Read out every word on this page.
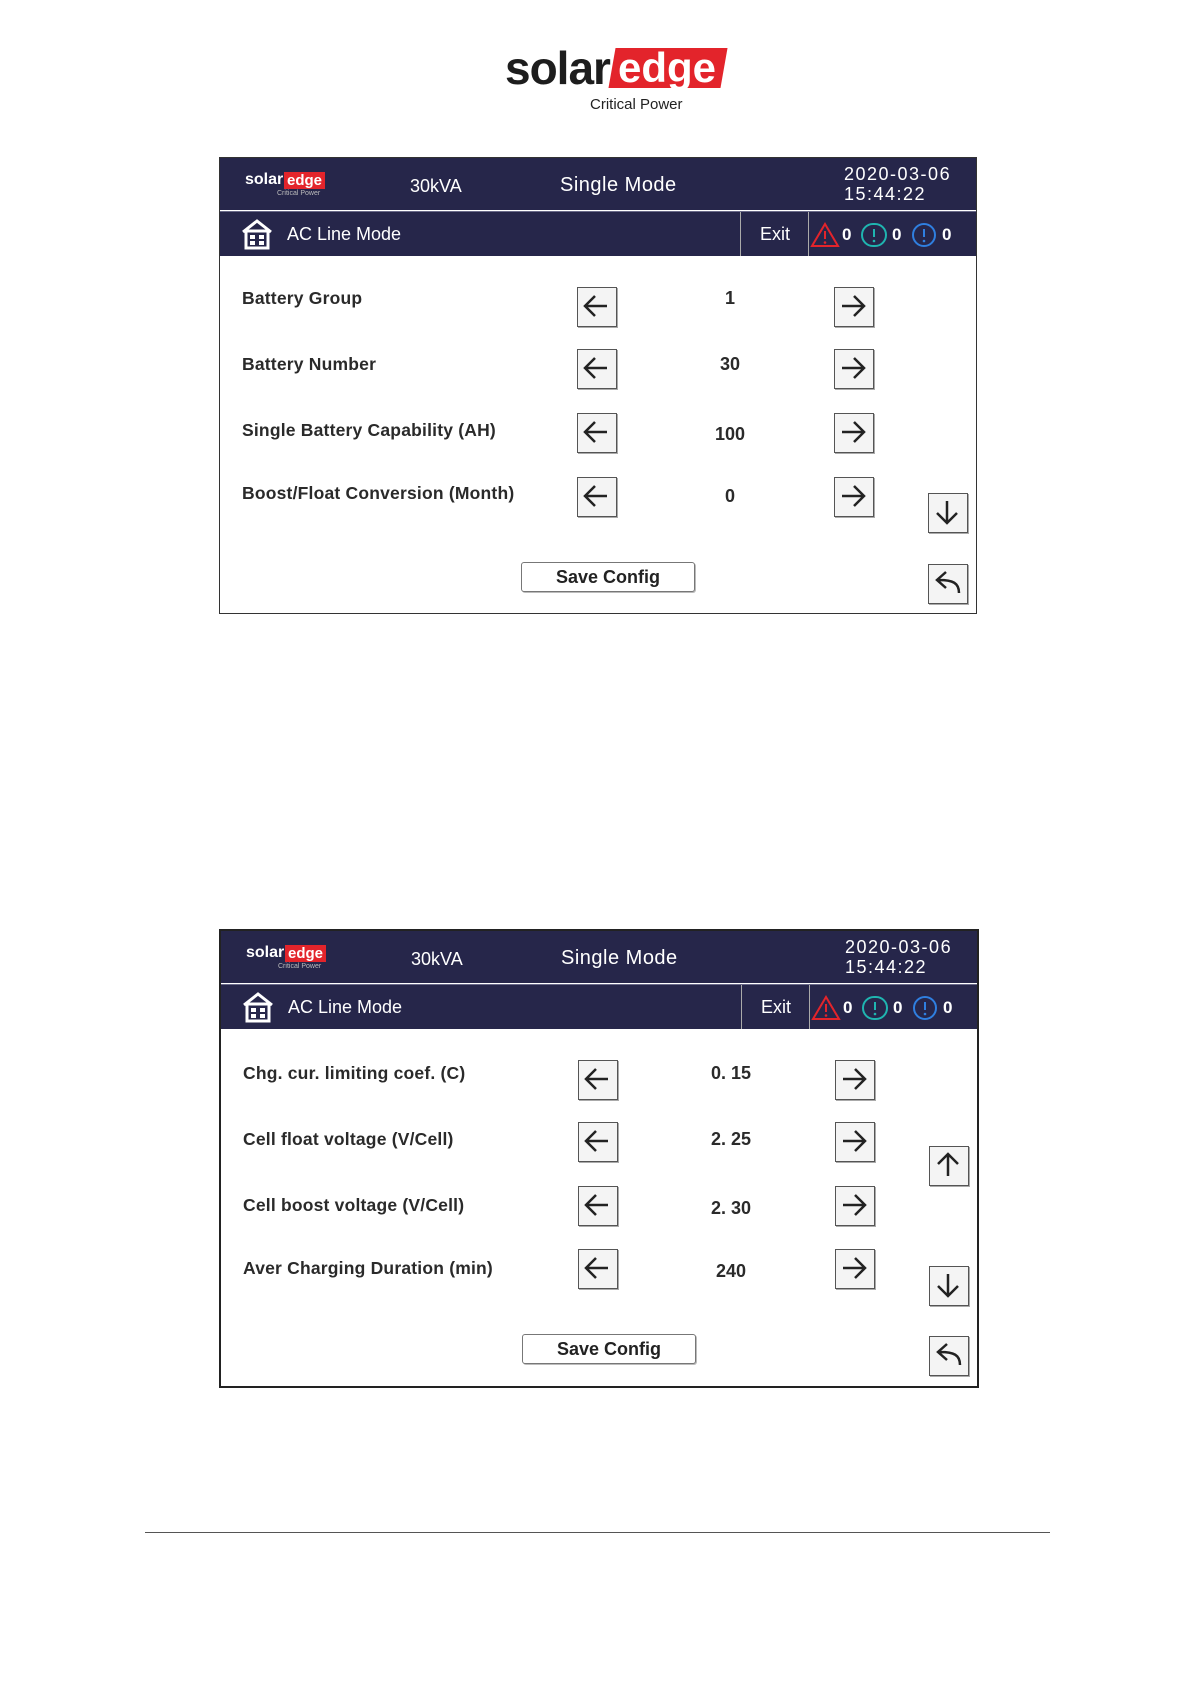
solar edge
Critical Power
solar edge
Critical Power	30kVA	Single Mode	2020-03-06
15:44:22
AC Line Mode	Exit	0 0 0
Battery Group	1
Battery Number	30
Single Battery Capability (AH)	100
Boost/Float Conversion (Month)	0
Save Config
solar edge
Critical Power	30kVA	Single Mode	2020-03-06
15:44:22
AC Line Mode	Exit	0 0 0
Chg. cur. limiting coef. (C)	0. 15
Cell float voltage (V/Cell)	2. 25
Cell boost voltage (V/Cell)	2. 30
Aver Charging Duration (min)	240
Save Config
